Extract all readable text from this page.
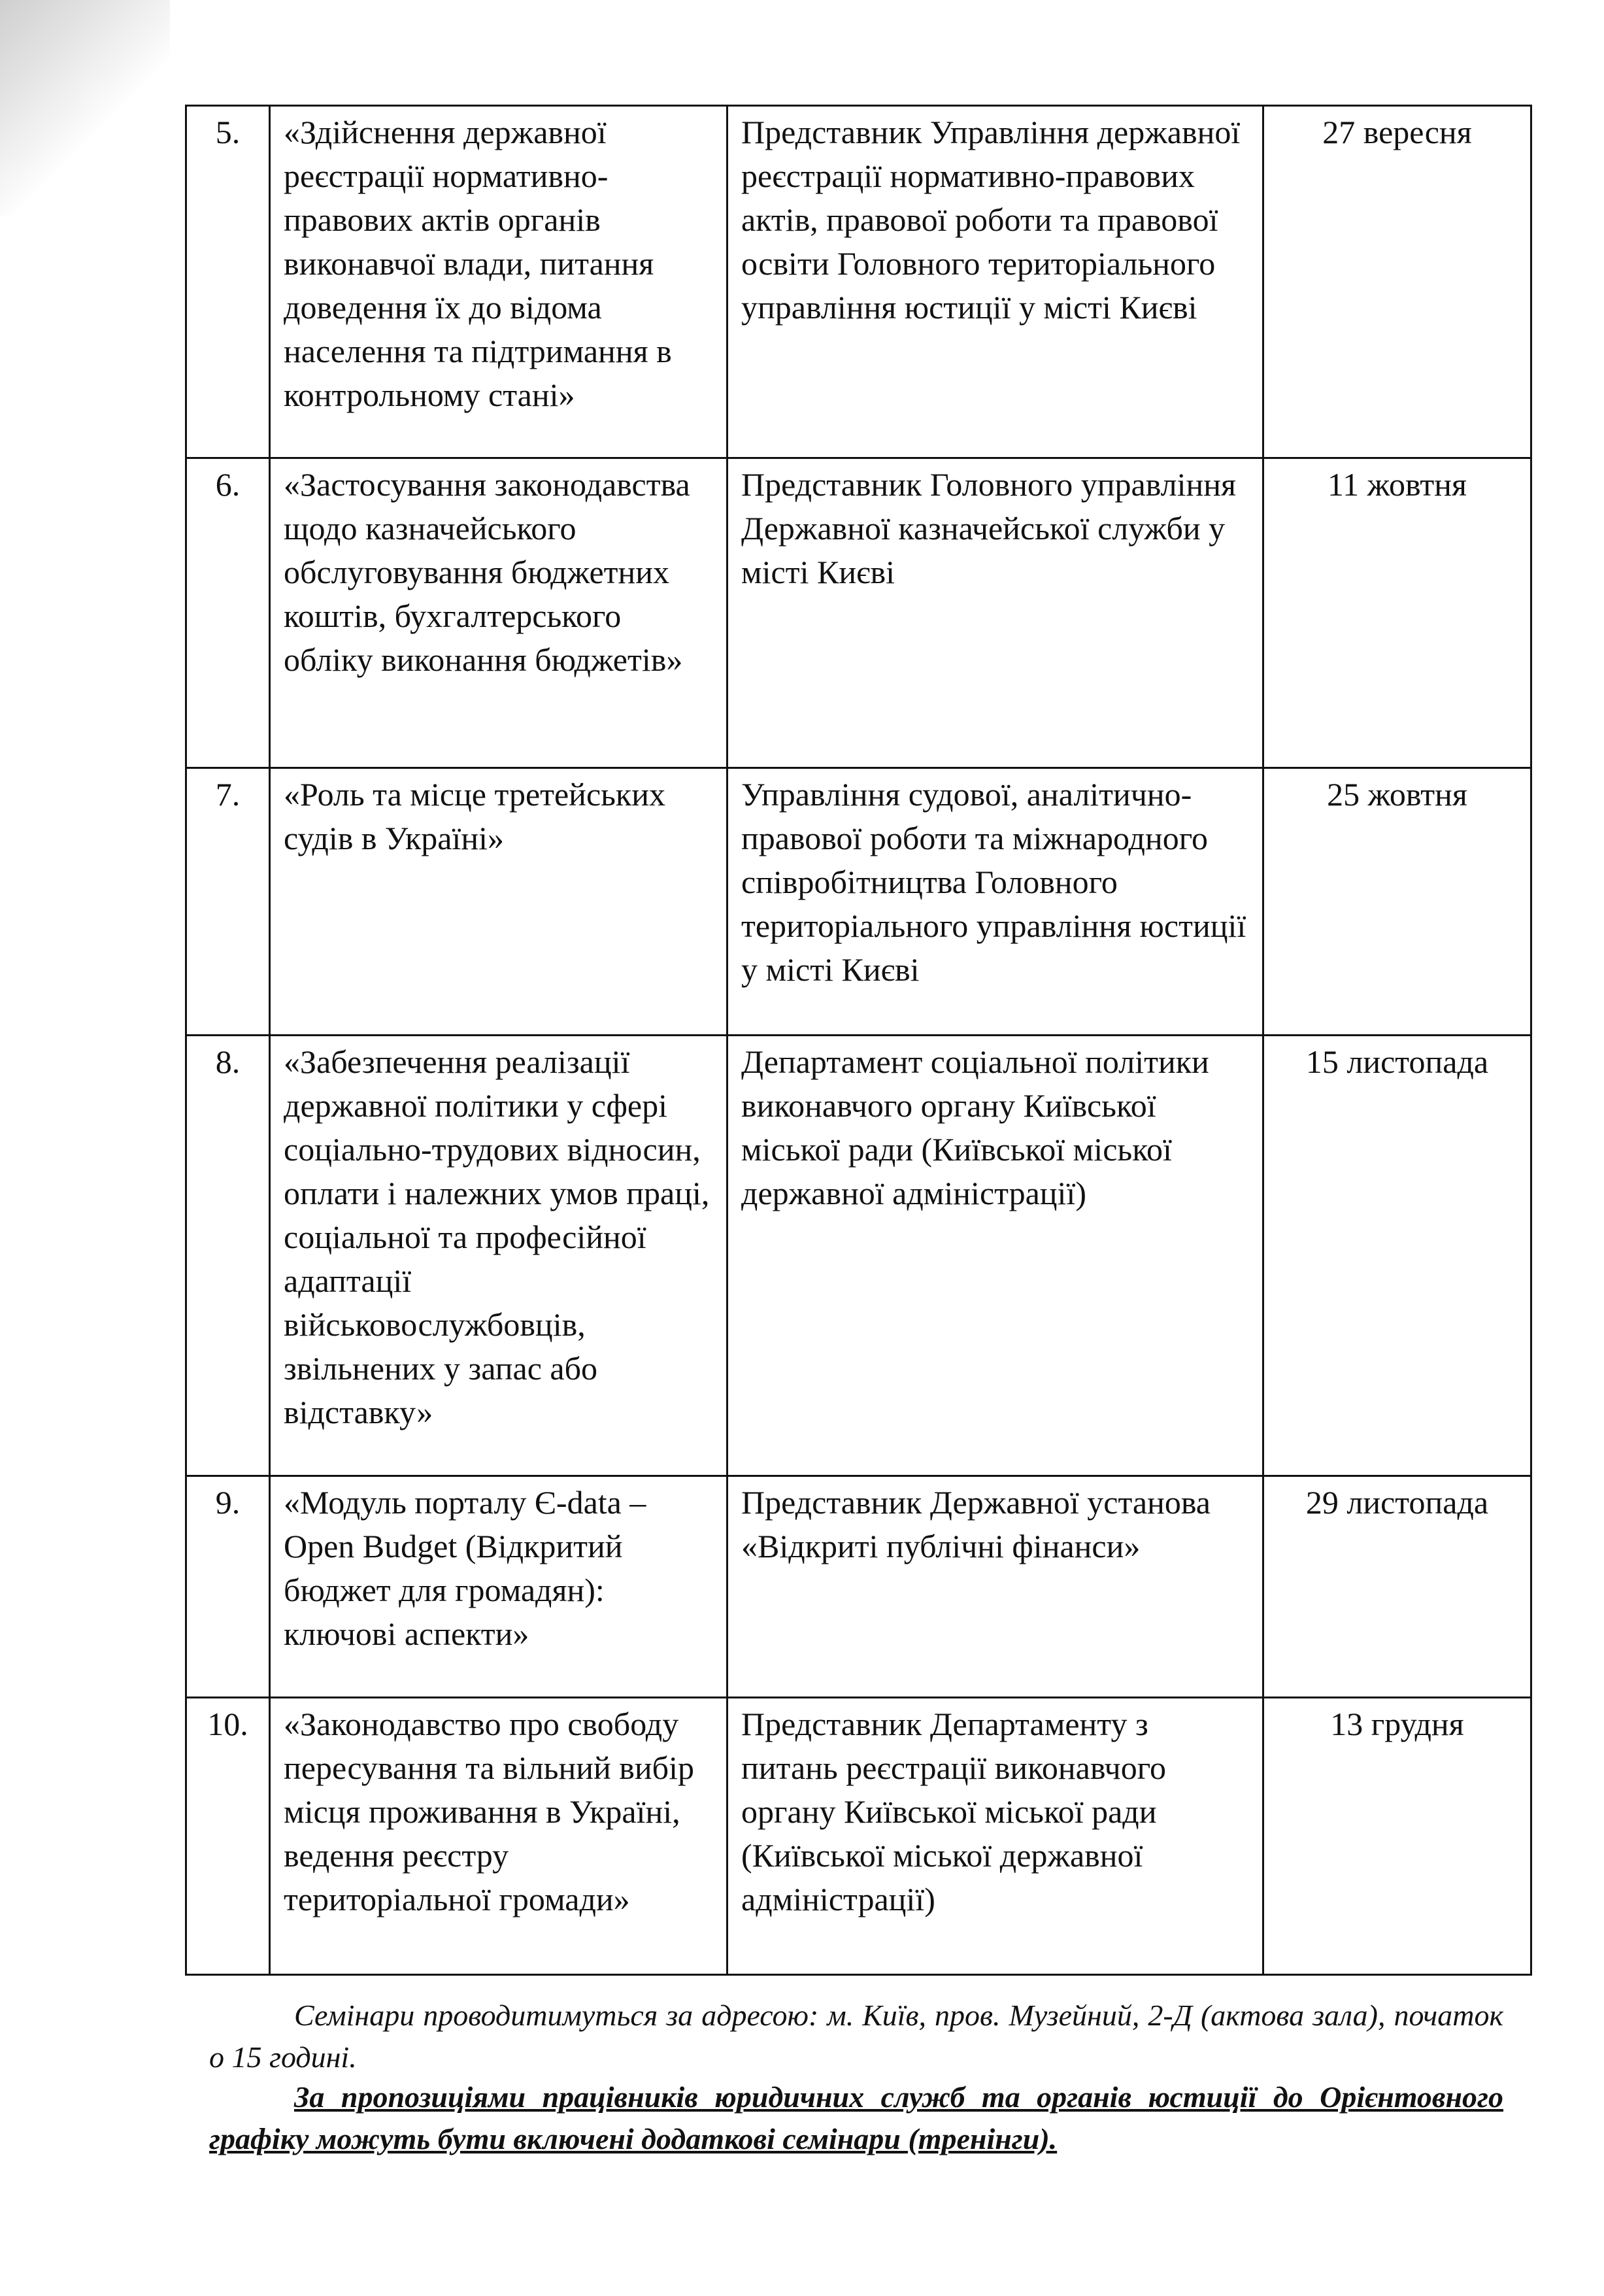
5.	«Здійснення державної реєстрації нормативно-правових актів органів виконавчої влади, питання доведення їх до відома населення та підтримання в контрольному стані»	Представник Управління державної реєстрації нормативно-правових актів, правової роботи та правової освіти Головного територіального управління юстиції у місті Києві	27 вересня
6.	«Застосування законодавства щодо казначейського обслуговування бюджетних коштів, бухгалтерського обліку виконання бюджетів»	Представник Головного управління Державної казначейської служби у місті Києві	11 жовтня
7.	«Роль та місце третейських судів в Україні»	Управління судової, аналітично-правової роботи та міжнародного співробітництва Головного територіального управління юстиції у місті Києві	25 жовтня
8.	«Забезпечення реалізації державної політики у сфері соціально-трудових відносин, оплати і належних умов праці, соціальної та професійної адаптації військовослужбовців, звільнених у запас або відставку»	Департамент соціальної політики виконавчого органу Київської міської ради (Київської міської державної адміністрації)	15 листопада
9.	«Модуль порталу Є-data – Open Budget (Відкритий бюджет для громадян): ключові аспекти»	Представник Державної установа «Відкриті публічні фінанси»	29 листопада
10.	«Законодавство про свободу пересування та вільний вибір місця проживання в Україні, ведення реєстру територіальної громади»	Представник Департаменту з питань реєстрації виконавчого органу Київської міської ради (Київської міської державної адміністрації)	13 грудня

Семінари проводитимуться за адресою: м. Київ, пров. Музейний, 2-Д (актова зала), початок о 15 годині.

За пропозиціями працівників юридичних служб та органів юстиції до Орієнтовного графіку можуть бути включені додаткові семінари (тренінги).
